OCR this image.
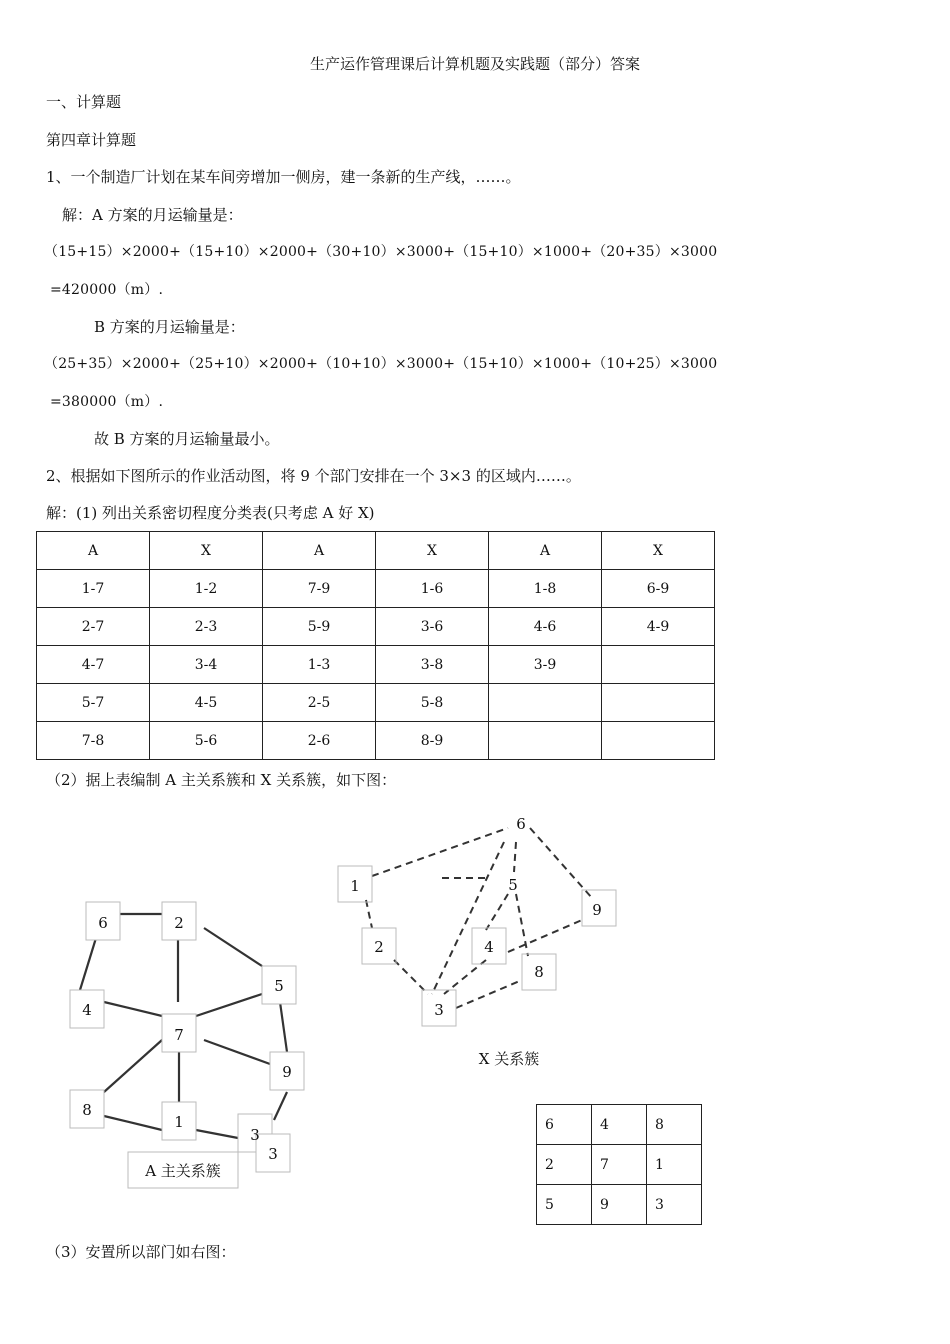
生产运作管理课后计算机题及实践题（部分）答案
一、计算题
第四章计算题
1、一个制造厂计划在某车间旁增加一侧房，建一条新的生产线，……。
解：A 方案的月运输量是：
（15+15）×2000+（15+10）×2000+（30+10）×3000+（15+10）×1000+（20+35）×3000
=420000（m）.
B 方案的月运输量是：
（25+35）×2000+（25+10）×2000+（10+10）×3000+（15+10）×1000+（10+25）×3000
=380000（m）.
故 B 方案的月运输量最小。
2、根据如下图所示的作业活动图，将 9 个部门安排在一个 3×3 的区域内……。
解：(1) 列出关系密切程度分类表(只考虑 A 好 X)
A	X	A	X	A	X
1-7	1-2	7-9	1-6	1-8	6-9
2-7	2-3	5-9	3-6	4-6	4-9
4-7	3-4	1-3	3-8	3-9	
5-7	4-5	2-5	5-8		
7-8	5-6	2-6	8-9		
（2）据上表编制 A 主关系簇和 X 关系簇，如下图：
6	2
5
4
7
9
8
1
3
3
A 主关系簇
6
1	5
9
2	4
8
3
X 关系簇
6	4	8
2	7	1
5	9	3
（3）安置所以部门如右图：
